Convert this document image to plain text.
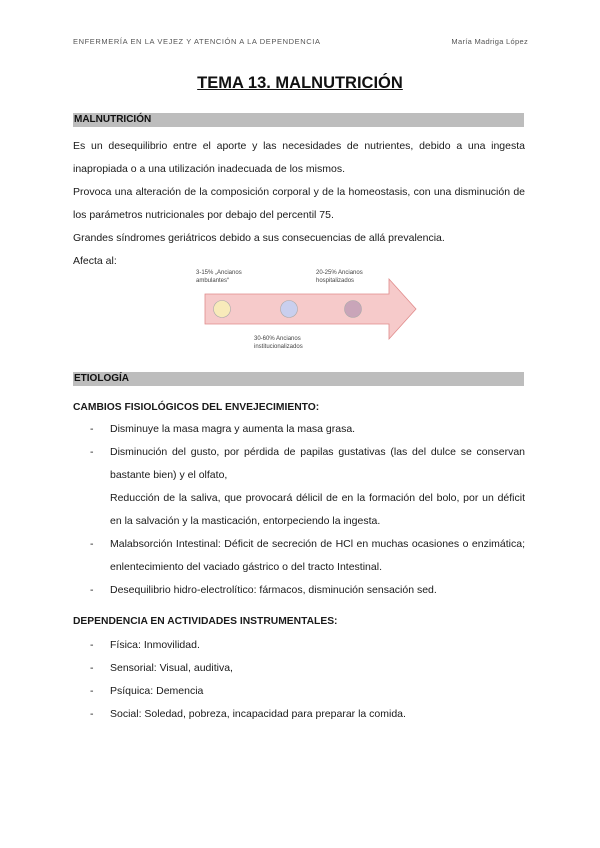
ENFERMERÍA EN LA VEJEZ Y ATENCIÓN A LA DEPENDENCIA	María Madriga López
TEMA 13. MALNUTRICIÓN
MALNUTRICIÓN
Es un desequilibrio entre el aporte y las necesidades de nutrientes, debido a una ingesta inapropiada o a una utilización inadecuada de los mismos.
Provoca una alteración de la composición corporal y de la homeostasis, con una disminución de los parámetros nutricionales por debajo del percentil 75.
Grandes síndromes geriátricos debido a sus consecuencias de allá prevalencia.
Afecta al:
3-15% „Ancianos ambulantes“
20-25% Ancianos hospitalizados
30-60% Ancianos institucionalizados
ETIOLOGÍA
CAMBIOS FISIOLÓGICOS DEL ENVEJECIMIENTO:
- Disminuye la masa magra y aumenta la masa grasa.
- Disminución del gusto, por pérdida de papilas gustativas (las del dulce se conservan bastante bien) y el olfato,
Reducción de la saliva, que provocará délicil de en la formación del bolo, por un déficit en la salvación y la masticación, entorpeciendo la ingesta.
- Malabsorción Intestinal: Déficit de secreción de HCl en muchas ocasiones o enzimática; enlentecimiento del vaciado gástrico o del tracto Intestinal.
- Desequilibrio hidro-electrolítico: fármacos, disminución sensación sed.
DEPENDENCIA EN ACTIVIDADES INSTRUMENTALES:
- Física: Inmovilidad.
- Sensorial: Visual, auditiva,
- Psíquica: Demencia
- Social: Soledad, pobreza, incapacidad para preparar la comida.
